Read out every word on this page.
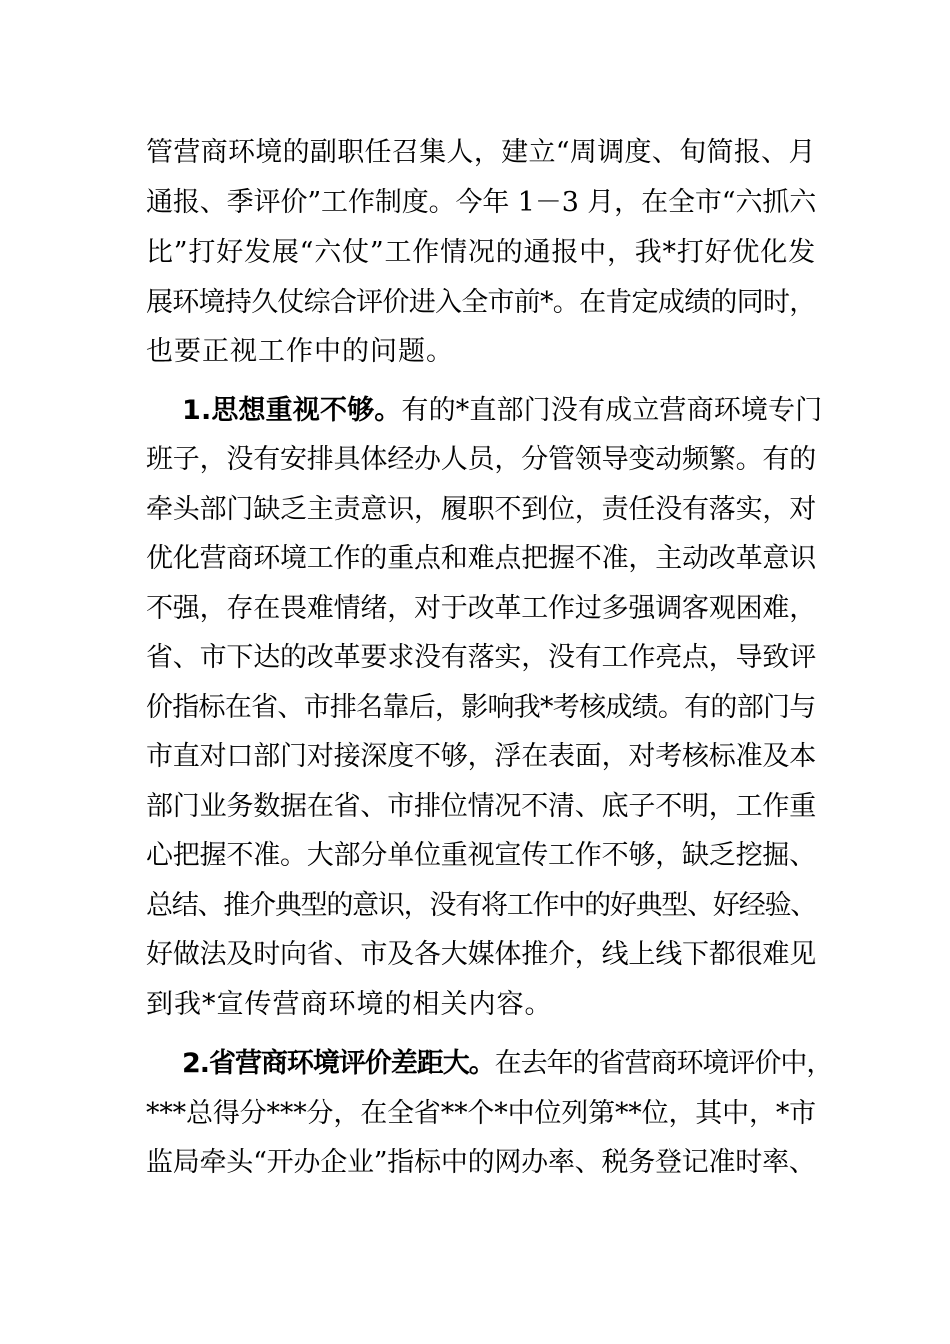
管营商环境的副职任召集人，建立“周调度、旬简报、月
通报、季评价”工作制度。今年 1－3 月，在全市“六抓六
比”打好发展“六仗”工作情况的通报中，我*打好优化发
展环境持久仗综合评价进入全市前*。在肯定成绩的同时，
也要正视工作中的问题。
1.思想重视不够。有的*直部门没有成立营商环境专门
班子，没有安排具体经办人员，分管领导变动频繁。有的
牵头部门缺乏主责意识，履职不到位，责任没有落实，对
优化营商环境工作的重点和难点把握不准，主动改革意识
不强，存在畏难情绪，对于改革工作过多强调客观困难，
省、市下达的改革要求没有落实，没有工作亮点，导致评
价指标在省、市排名靠后，影响我*考核成绩。有的部门与
市直对口部门对接深度不够，浮在表面，对考核标准及本
部门业务数据在省、市排位情况不清、底子不明，工作重
心把握不准。大部分单位重视宣传工作不够，缺乏挖掘、
总结、推介典型的意识，没有将工作中的好典型、好经验、
好做法及时向省、市及各大媒体推介，线上线下都很难见
到我*宣传营商环境的相关内容。
2.省营商环境评价差距大。在去年的省营商环境评价中，
***总得分***分，在全省**个*中位列第**位，其中，*市
监局牵头“开办企业”指标中的网办率、税务登记准时率、
